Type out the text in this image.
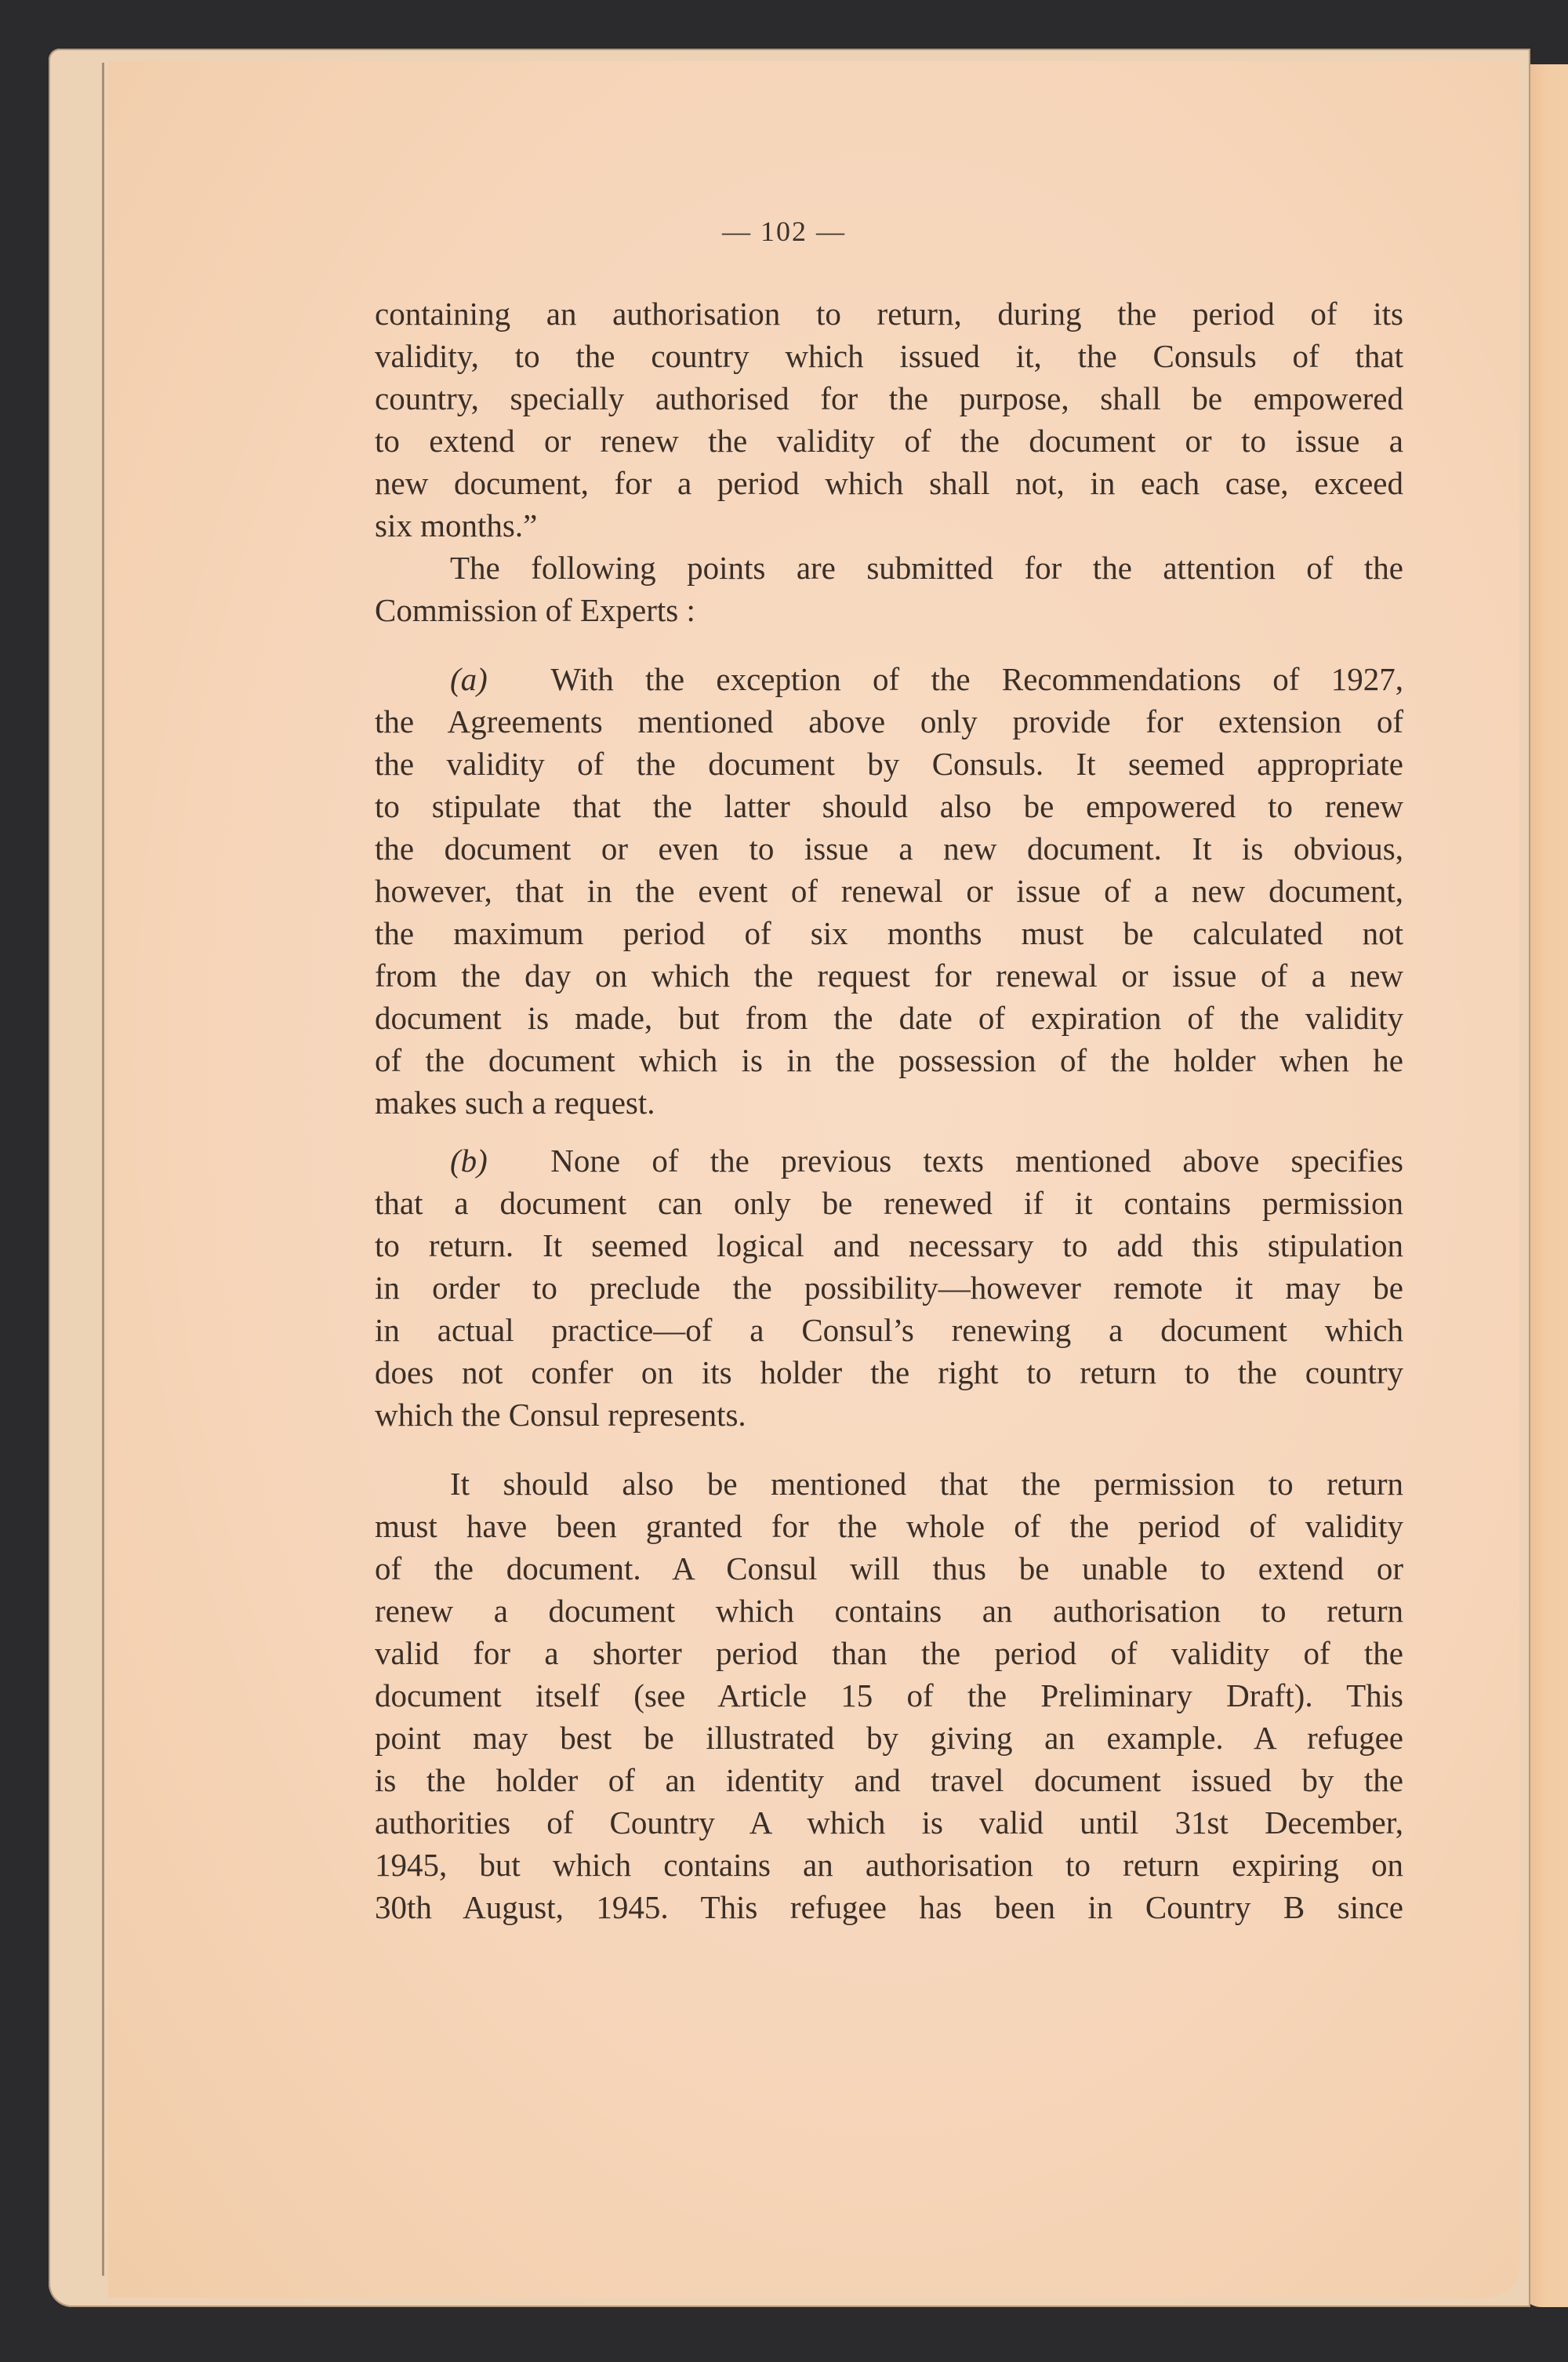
— 102 —
containing an authorisation to return, during the period of its
validity, to the country which issued it, the Consuls of that
country, specially authorised for the purpose, shall be empowered
to extend or renew the validity of the document or to issue a
new document, for a period which shall not, in each case, exceed
six months.”
The following points are submitted for the attention of the
Commission of Experts :
(a) With the exception of the Recommendations of 1927,
the Agreements mentioned above only provide for extension of
the validity of the document by Consuls. It seemed appropriate
to stipulate that the latter should also be empowered to renew
the document or even to issue a new document. It is obvious,
however, that in the event of renewal or issue of a new document,
the maximum period of six months must be calculated not
from the day on which the request for renewal or issue of a new
document is made, but from the date of expiration of the validity
of the document which is in the possession of the holder when he
makes such a request.
(b) None of the previous texts mentioned above specifies
that a document can only be renewed if it contains permission
to return. It seemed logical and necessary to add this stipulation
in order to preclude the possibility—however remote it may be
in actual practice—of a Consul’s renewing a document which
does not confer on its holder the right to return to the country
which the Consul represents.
It should also be mentioned that the permission to return
must have been granted for the whole of the period of validity
of the document. A Consul will thus be unable to extend or
renew a document which contains an authorisation to return
valid for a shorter period than the period of validity of the
document itself (see Article 15 of the Preliminary Draft). This
point may best be illustrated by giving an example. A refugee
is the holder of an identity and travel document issued by the
authorities of Country A which is valid until 31st December,
1945, but which contains an authorisation to return expiring on
30th August, 1945. This refugee has been in Country B since
